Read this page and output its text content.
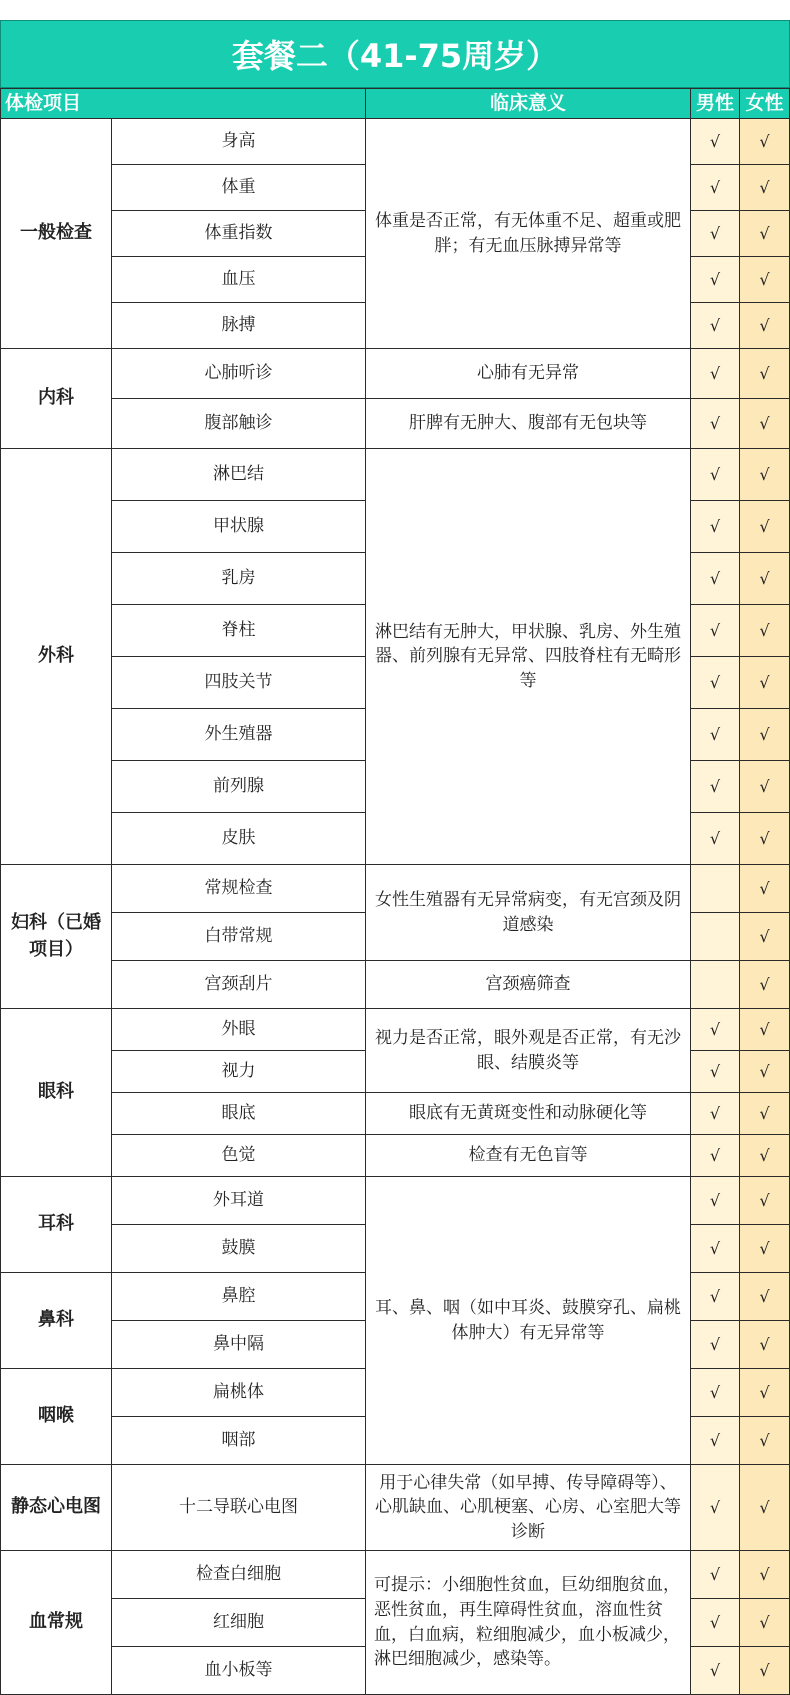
套餐二（41-75周岁）
体检项目		临床意义	男性	女性
一般检查	身高	体重是否正常，有无体重不足、超重或肥胖；有无血压脉搏异常等	√	√
	体重		√	√
	体重指数		√	√
	血压		√	√
	脉搏		√	√
内科	心肺听诊	心肺有无异常	√	√
	腹部触诊	肝脾有无肿大、腹部有无包块等	√	√
外科	淋巴结	淋巴结有无肿大，甲状腺、乳房、外生殖器、前列腺有无异常、四肢脊柱有无畸形等	√	√
	甲状腺		√	√
	乳房		√	√
	脊柱		√	√
	四肢关节		√	√
	外生殖器		√	√
	前列腺		√	√
	皮肤		√	√
妇科（已婚项目）	常规检查	女性生殖器有无异常病变，有无宫颈及阴道感染		√
	白带常规			√
	宫颈刮片	宫颈癌筛查		√
眼科	外眼	视力是否正常，眼外观是否正常，有无沙眼、结膜炎等	√	√
	视力		√	√
	眼底	眼底有无黄斑变性和动脉硬化等	√	√
	色觉	检查有无色盲等	√	√
耳科	外耳道	耳、鼻、咽（如中耳炎、鼓膜穿孔、扁桃体肿大）有无异常等	√	√
	鼓膜		√	√
鼻科	鼻腔		√	√
	鼻中隔		√	√
咽喉	扁桃体		√	√
	咽部		√	√
静态心电图	十二导联心电图	用于心律失常（如早搏、传导障碍等）、心肌缺血、心肌梗塞、心房、心室肥大等诊断	√	√
血常规	检查白细胞	可提示：小细胞性贫血，巨幼细胞贫血，恶性贫血，再生障碍性贫血，溶血性贫血，白血病，粒细胞减少，血小板减少，淋巴细胞减少，感染等。	√	√
	红细胞		√	√
	血小板等		√	√
